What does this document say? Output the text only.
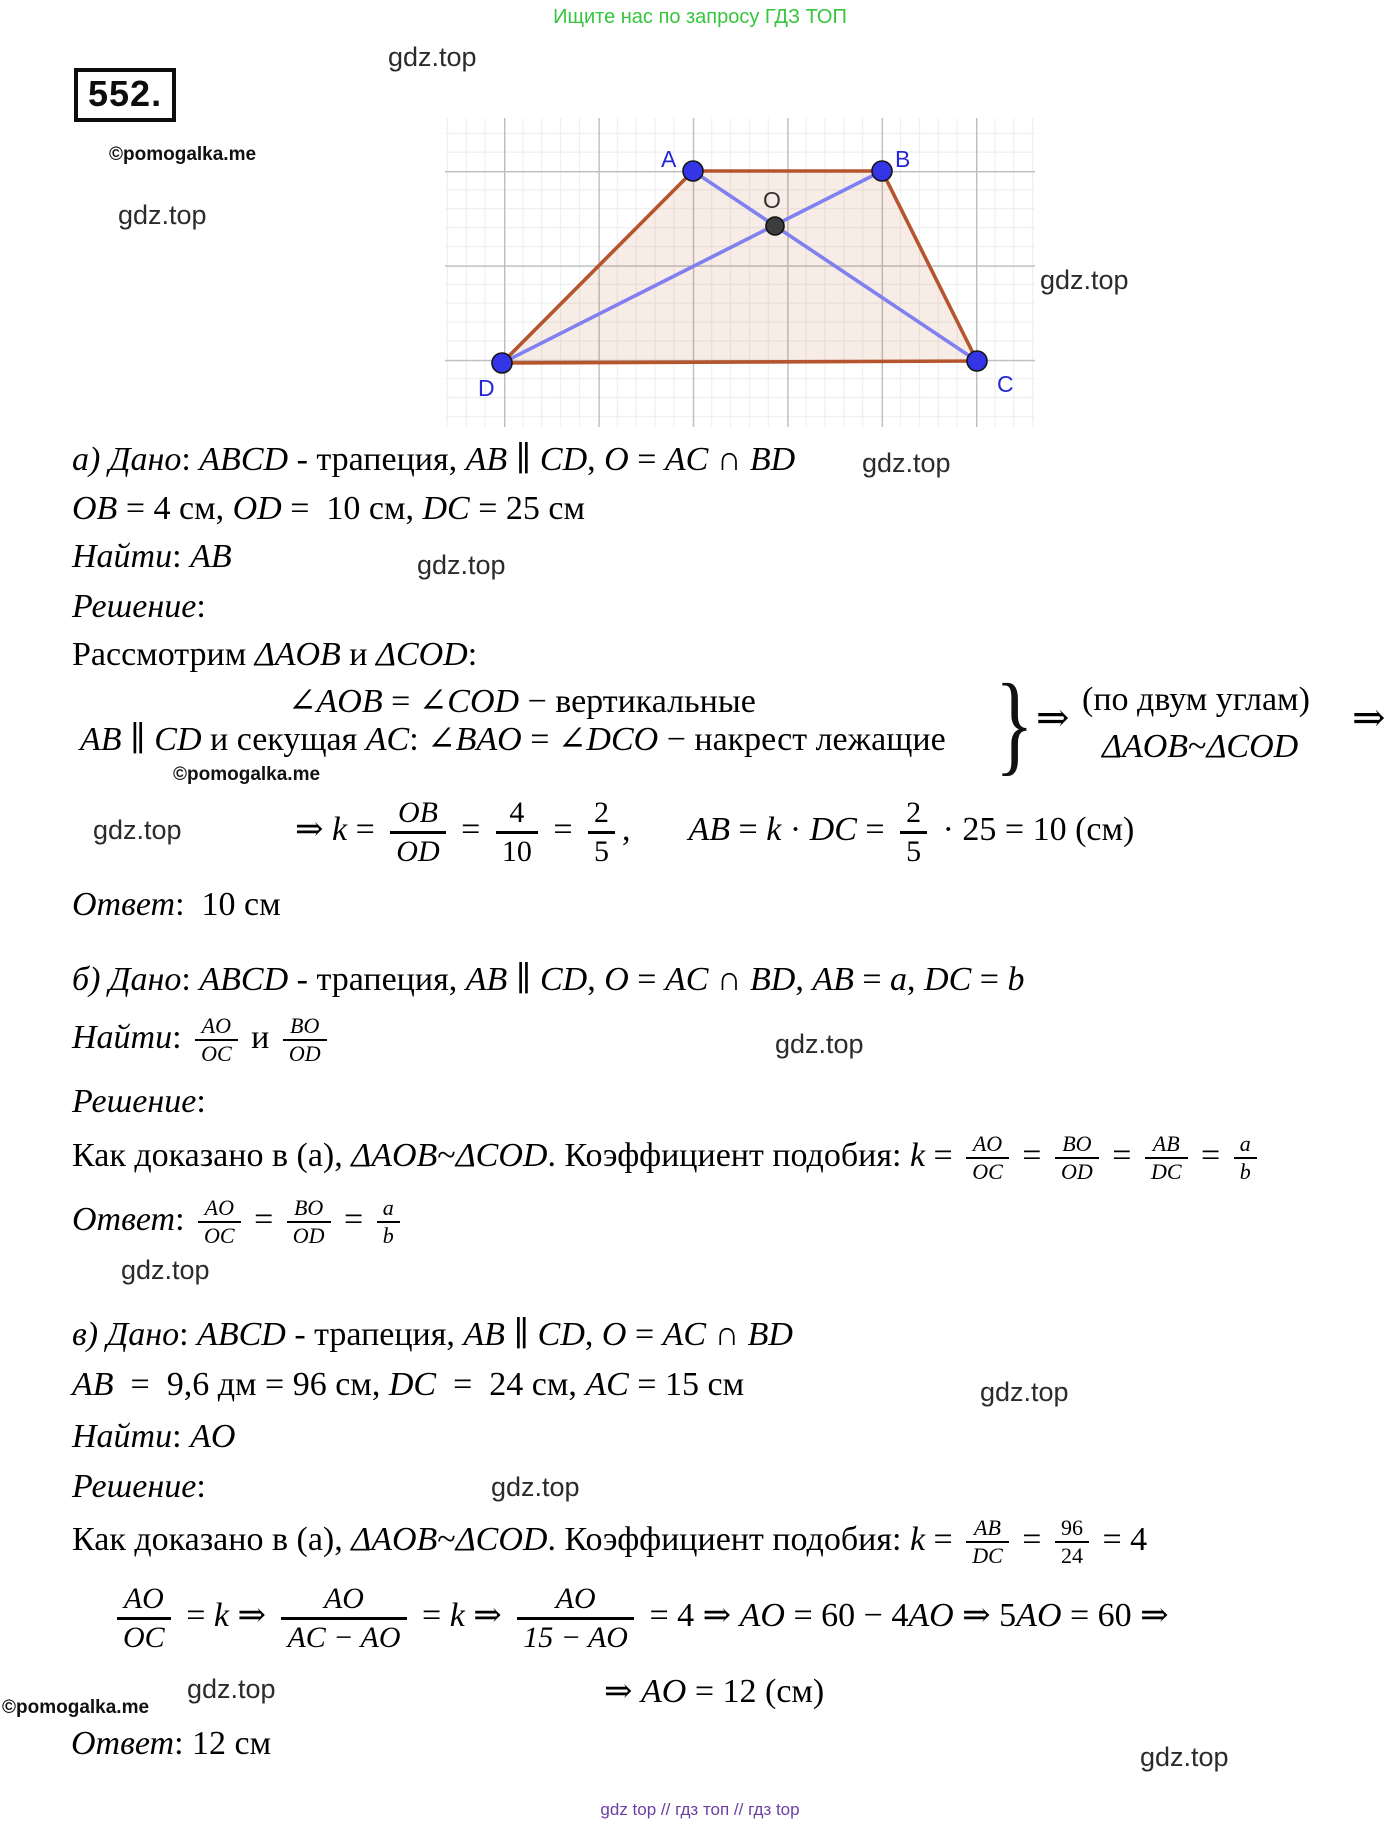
Ищите нас по запросу ГДЗ ТОП
gdz.top
552.
©pomogalka.me
gdz.top
gdz.top
A	B
C
D
O
а) Дано: ABCD - трапеция, AB ∥ CD, O = AC ∩ BD gdz.top
OB = 4 см, OD =  10 см, DC = 25 см
Найти: AB	gdz.top
Решение:
Рассмотрим ΔAOB и ΔCOD:
∠AOB = ∠COD − вертикальные
AB ∥ CD и секущая AC: ∠BAO = ∠DCO − накрест лежащие } ⇒ (по двум углам)
ΔAOB~ΔCOD
⇒
©pomogalka.me
gdz.top	⇒ $k = \frac{OB}{OD} = \frac{4}{10} = \frac{2}{5}$ , AB = k · DC = $\frac{2}{5} \cdot 25 = 10$ (см)
Ответ:  10 см
б) Дано: ABCD - трапеция, AB ∥ CD, O = AC ∩ BD, AB = a, DC = b
Найти: $\frac{AO}{OC}$ и $\frac{BO}{OD}$	gdz.top
Решение:
Как доказано в (а), ΔAOB~ΔCOD. Коэффициент подобия: $k = \frac{AO}{OC} = \frac{BO}{OD} = \frac{AB}{DC} = \frac{a}{b}$
Ответ: $\frac{AO}{OC} = \frac{BO}{OD} = \frac{a}{b}$
gdz.top
в) Дано: ABCD - трапеция, AB ∥ CD, O = AC ∩ BD
AB  =  9,6 дм = 96 см, DC  =  24 см, AC = 15 см	gdz.top
Найти: AO
Решение:	gdz.top
Как доказано в (а), ΔAOB~ΔCOD. Коэффициент подобия: $k = \frac{AB}{DC} = \frac{96}{24} = 4$
$\frac{AO}{OC} = k$ ⇒ $\frac{AO}{AC - AO} = k$ ⇒ $\frac{AO}{15 - AO} = 4$ ⇒ AO = 60 − 4AO ⇒ 5AO = 60 ⇒
⇒ AO = 12 (см)
gdz.top
©pomogalka.me
Ответ: 12 см	gdz.top
gdz top // гдз топ // гдз top
